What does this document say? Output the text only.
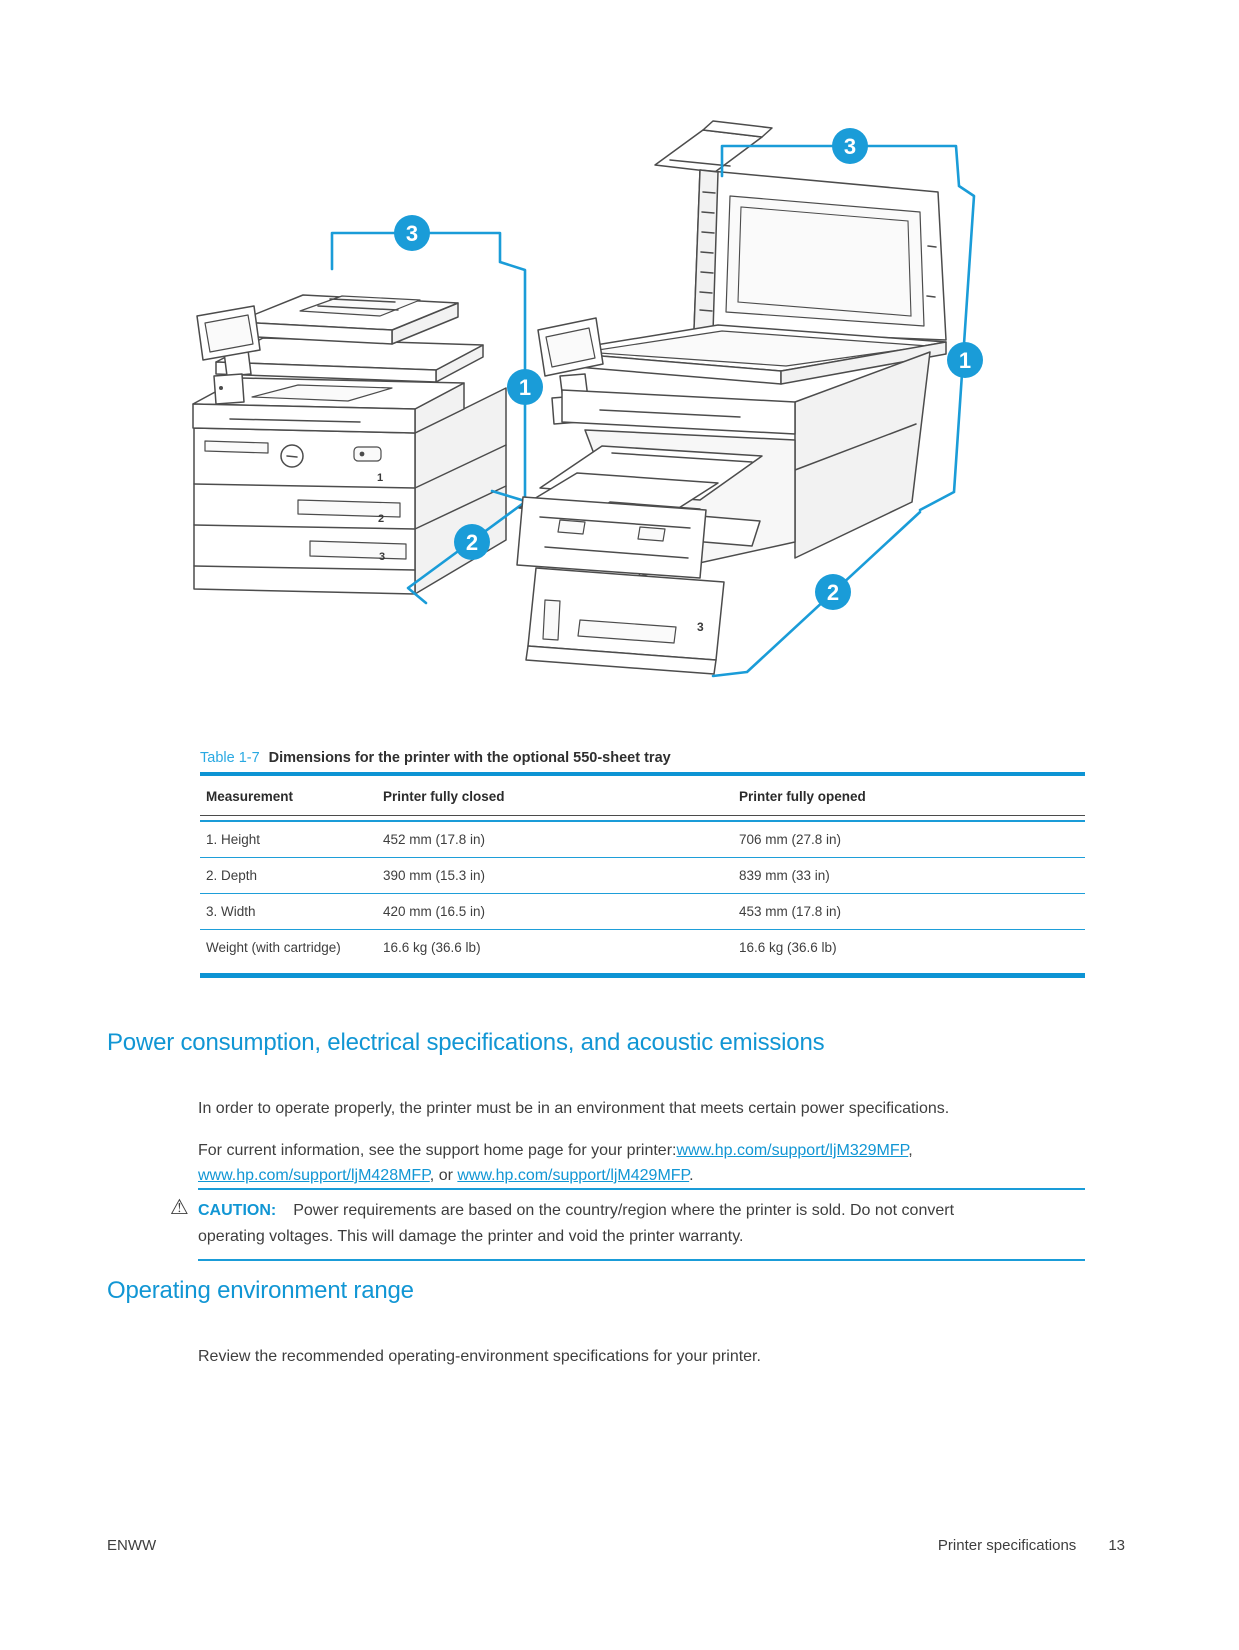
1
2
3
3
1
2
3
3
1
2
Table 1-7 Dimensions for the printer with the optional 550-sheet tray
Measurement	Printer fully closed	Printer fully opened
1. Height	452 mm (17.8 in)	706 mm (27.8 in)
2. Depth	390 mm (15.3 in)	839 mm (33 in)
3. Width	420 mm (16.5 in)	453 mm (17.8 in)
Weight (with cartridge)	16.6 kg (36.6 lb)	16.6 kg (36.6 lb)
Power consumption, electrical specifications, and acoustic emissions

In order to operate properly, the printer must be in an environment that meets certain power specifications.

For current information, see the support home page for your printer:www.hp.com/support/ljM329MFP,
www.hp.com/support/ljM428MFP, or www.hp.com/support/ljM429MFP.

⚠ CAUTION: Power requirements are based on the country/region where the printer is sold. Do not convert
operating voltages. This will damage the printer and void the printer warranty.
Operating environment range

Review the recommended operating-environment specifications for your printer.

ENWW	Printer specifications 13
